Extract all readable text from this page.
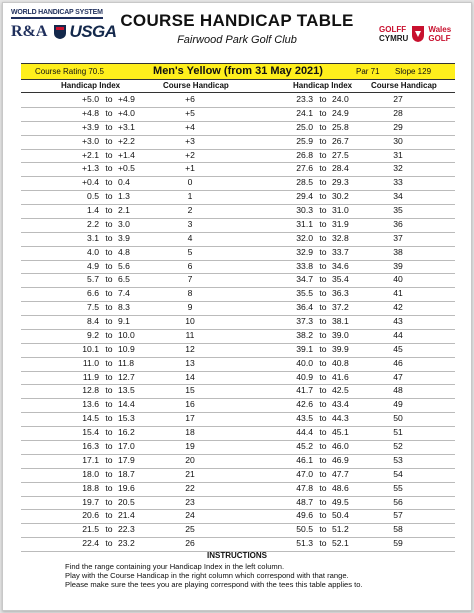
WORLD HANDICAP SYSTEM
R&A USGA
COURSE HANDICAP TABLE
Fairwood Park Golf Club
GOLFF
CYMRU
Wales
GOLF
Course Rating 70.5	Men's Yellow (from 31 May 2021)	Par 71 Slope 129
Handicap Index	Course Handicap	Handicap Index Course Handicap
+5.0 to +4.9	+6	23.3 to 24.0	27
+4.8 to +4.0	+5	24.1 to 24.9	28
+3.9 to +3.1	+4	25.0 to 25.8	29
+3.0 to +2.2	+3	25.9 to 26.7	30
+2.1 to +1.4	+2	26.8 to 27.5	31
+1.3 to +0.5	+1	27.6 to 28.4	32
+0.4 to 0.4	0	28.5 to 29.3	33
0.5 to 1.3	1	29.4 to 30.2	34
1.4 to 2.1	2	30.3 to 31.0	35
2.2 to 3.0	3	31.1 to 31.9	36
3.1 to 3.9	4	32.0 to 32.8	37
4.0 to 4.8	5	32.9 to 33.7	38
4.9 to 5.6	6	33.8 to 34.6	39
5.7 to 6.5	7	34.7 to 35.4	40
6.6 to 7.4	8	35.5 to 36.3	41
7.5 to 8.3	9	36.4 to 37.2	42
8.4 to 9.1	10	37.3 to 38.1	43
9.2 to 10.0	11	38.2 to 39.0	44
10.1 to 10.9	12	39.1 to 39.9	45
11.0 to 11.8	13	40.0 to 40.8	46
11.9 to 12.7	14	40.9 to 41.6	47
12.8 to 13.5	15	41.7 to 42.5	48
13.6 to 14.4	16	42.6 to 43.4	49
14.5 to 15.3	17	43.5 to 44.3	50
15.4 to 16.2	18	44.4 to 45.1	51
16.3 to 17.0	19	45.2 to 46.0	52
17.1 to 17.9	20	46.1 to 46.9	53
18.0 to 18.7	21	47.0 to 47.7	54
18.8 to 19.6	22	47.8 to 48.6	55
19.7 to 20.5	23	48.7 to 49.5	56
20.6 to 21.4	24	49.6 to 50.4	57
21.5 to 22.3	25	50.5 to 51.2	58
22.4 to 23.2	26	51.3 to 52.1	59
INSTRUCTIONS
Find the range containing your Handicap Index in the left column.
Play with the Course Handicap in the right column which correspond with that range.
Please make sure the tees you are playing correspond with the tees this table applies to.
